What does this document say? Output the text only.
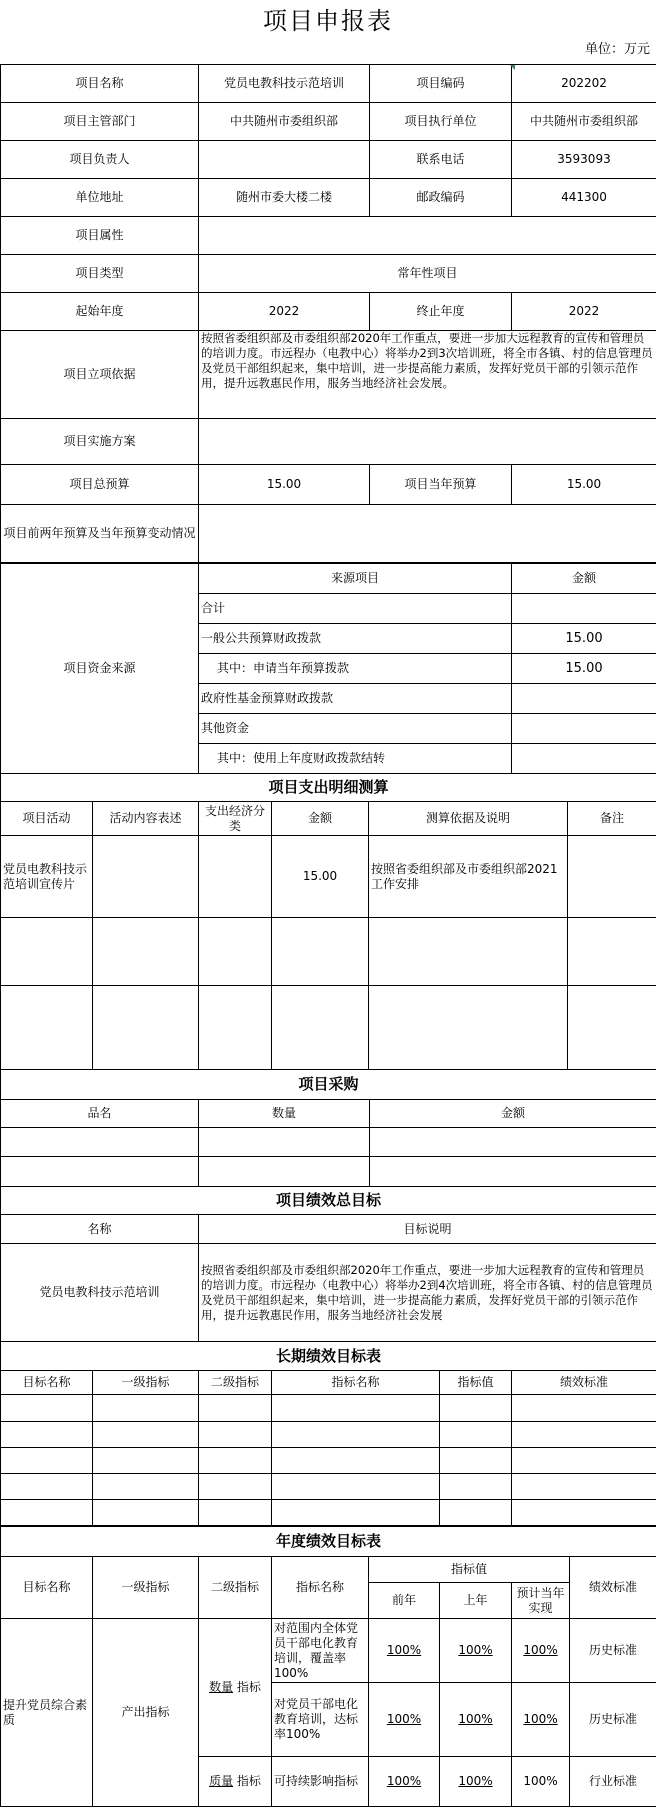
项目申报表
单位：万元
项目名称	党员电教科技示范培训	项目编码	202202
项目主管部门	中共随州市委组织部	项目执行单位	中共随州市委组织部
项目负责人		联系电话	3593093
单位地址	随州市委大楼二楼	邮政编码	441300
项目属性			
项目类型	常年性项目		
起始年度	2022	终止年度	2022
项目立项依据	按照省委组织部及市委组织部2020年工作重点，要进一步加大远程教育的宣传和管理员的培训力度。市远程办（电教中心）将举办2到3次培训班，将全市各镇、村的信息管理员及党员干部组织起来，集中培训，进一步提高能力素质，发挥好党员干部的引领示范作用，提升远教惠民作用，服务当地经济社会发展。		
项目实施方案			
项目总预算	15.00	项目当年预算	15.00
项目前两年预算及当年预算变动情况			
项目资金来源	来源项目	金额
	合计	
	一般公共预算财政拨款	15.00
	其中：申请当年预算拨款	15.00
	政府性基金预算财政拨款	
	其他资金	
	其中：使用上年度财政拨款结转	
项目支出明细测算					
项目活动	活动内容表述	支出经济分类	金额	测算依据及说明	备注
党员电教科技示范培训宣传片			15.00	按照省委组织部及市委组织部2021工作安排	

项目采购		
品名	数量	金额

项目绩效总目标	
名称	目标说明
党员电教科技示范培训	按照省委组织部及市委组织部2020年工作重点，要进一步加大远程教育的宣传和管理员的培训力度。市远程办（电教中心）将举办2到4次培训班，将全市各镇、村的信息管理员及党员干部组织起来，集中培训，进一步提高能力素质，发挥好党员干部的引领示范作用，提升远教惠民作用，服务当地经济社会发展
长期绩效目标表					
目标名称	一级指标	二级指标	指标名称	指标值	绩效标准

年度绩效目标表							
目标名称	一级指标	二级指标	指标名称	指标值			绩效标准
				前年	上年	预计当年实现	
提升党员综合素质	产出指标	数量 指标	对范围内全体党员干部电化教育培训，覆盖率100%	100%	100%	100%	历史标准
			对党员干部电化教育培训，达标率100%	100%	100%	100%	历史标准
		质量 指标	可持续影响指标	100%	100%	100%	行业标准
